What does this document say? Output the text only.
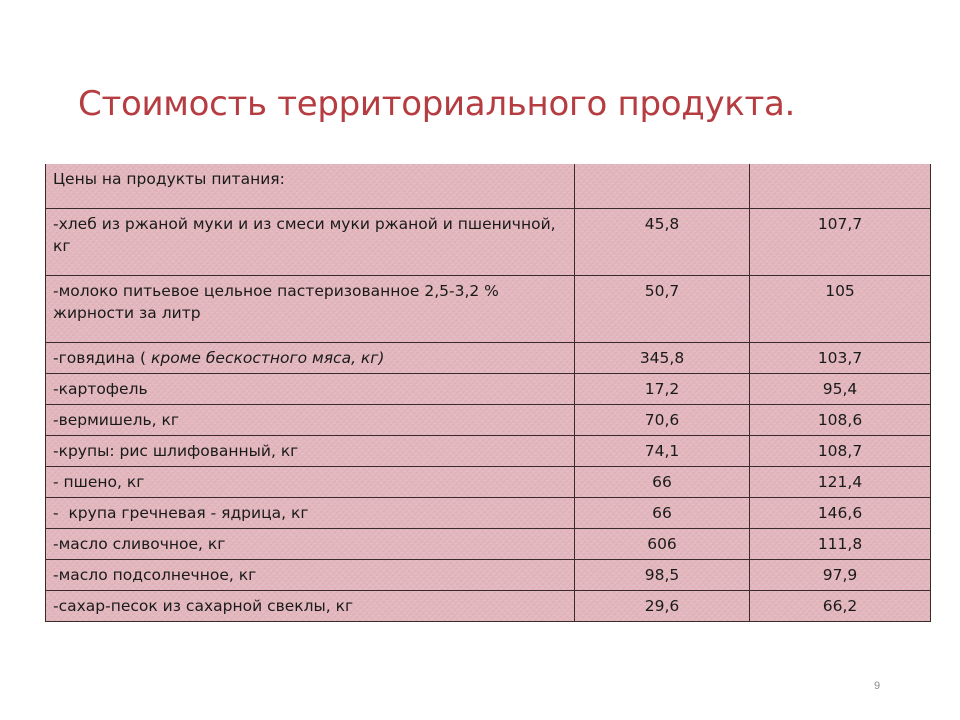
Стоимость территориального продукта.
Цены на продукты питания:		
-хлеб из ржаной муки и из смеси муки ржаной и пшеничной, кг	45,8	107,7
-молоко питьевое цельное пастеризованное 2,5-3,2 % жирности за литр	50,7	105
-говядина ( кроме бескостного мяса, кг)	345,8	103,7
-картофель	17,2	95,4
-вермишель, кг	70,6	108,6
-крупы: рис шлифованный, кг	74,1	108,7
- пшено, кг	66	121,4
-  крупа гречневая - ядрица, кг	66	146,6
-масло сливочное, кг	606	111,8
-масло подсолнечное, кг	98,5	97,9
-сахар-песок из сахарной свеклы, кг	29,6	66,2
9
